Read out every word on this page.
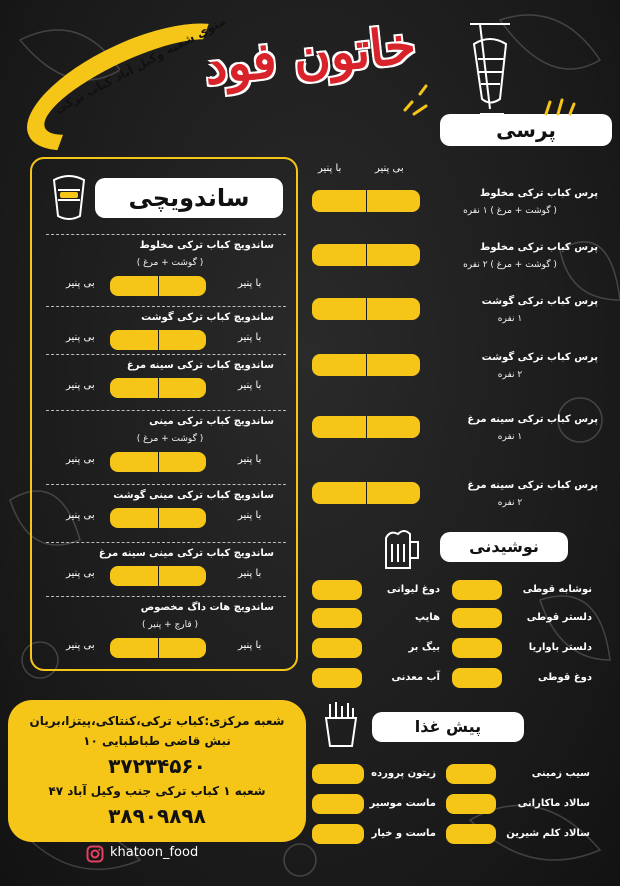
خاتون فود
منوی شعبه وکیل آباد کباب ترکی
پرسی
بی پنیر
با پنیر
پرس کباب ترکی مخلوط
( گوشت + مرغ ) ۱ نفره
پرس کباب ترکی مخلوط
( گوشت + مرغ ) ۲ نفره
پرس کباب ترکی گوشت
۱ نفره
پرس کباب ترکی گوشت
۲ نفره
پرس کباب ترکی سینه مرغ
۱ نفره
پرس کباب ترکی سینه مرغ
۲ نفره
ساندویچی
ساندویچ کباب ترکی مخلوط
( گوشت + مرغ )
با پنیر
بی پنیر
ساندویچ کباب ترکی گوشت
با پنیر
بی پنیر
ساندویچ کباب ترکی سینه مرغ
با پنیر
بی پنیر
ساندویچ کباب ترکی مینی
( گوشت + مرغ )
با پنیر
بی پنیر
ساندویچ کباب ترکی مینی گوشت
با پنیر
بی پنیر
ساندویچ کباب ترکی مینی سینه مرغ
با پنیر
بی پنیر
ساندویچ هات داگ مخصوص
( قارچ + پنیر )
با پنیر
بی پنیر
نوشیدنی
نوشابه قوطی
دلستر قوطی
دلستر باواریا
دوغ قوطی
دوغ لیوانی
هایپ
بیگ بر
آب معدنی
پیش غذا
سیب زمینی
سالاد ماکارانی
سالاد کلم شیرین
زیتون پرورده
ماست موسیر
ماست و خیار
شعبه مرکزی:کباب ترکی،کنتاکی،پیتزا،بریان
نبش قاضی طباطبایی ۱۰
۳۷۲۳۴۵۶۰
شعبه ۱ کباب ترکی جنب وکیل آباد ۴۷
۳۸۹۰۹۸۹۸
khatoon_food
